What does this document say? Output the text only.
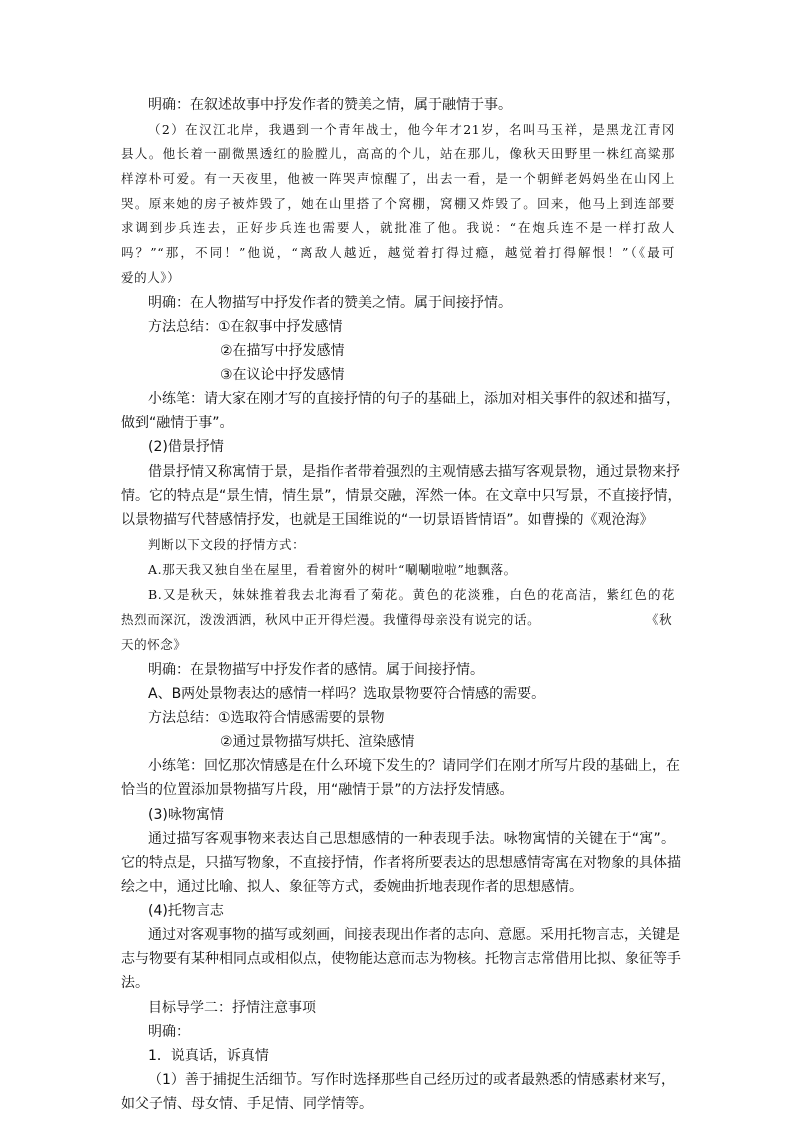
明确：在叙述故事中抒发作者的赞美之情，属于融情于事。
（2）在汉江北岸，我遇到一个青年战士，他今年才21岁，名叫马玉祥，是黑龙江青冈
县人。他长着一副微黑透红的脸膛儿，高高的个儿，站在那儿，像秋天田野里一株红高粱那
样淳朴可爱。有一天夜里，他被一阵哭声惊醒了，出去一看，是一个朝鲜老妈妈坐在山冈上
哭。原来她的房子被炸毁了，她在山里搭了个窝棚，窝棚又炸毁了。回来，他马上到连部要
求调到步兵连去，正好步兵连也需要人，就批准了他。我说：“在炮兵连不是一样打敌人
吗？”“那，不同！”他说，“离敌人越近，越觉着打得过瘾，越觉着打得解恨！”（《最可
爱的人》）
明确：在人物描写中抒发作者的赞美之情。属于间接抒情。
方法总结：①在叙事中抒发感情
②在描写中抒发感情
③在议论中抒发感情
小练笔：请大家在刚才写的直接抒情的句子的基础上，添加对相关事件的叙述和描写，
做到“融情于事”。
(2)借景抒情
借景抒情又称寓情于景，是指作者带着强烈的主观情感去描写客观景物，通过景物来抒
情。它的特点是“景生情，情生景”，情景交融，浑然一体。在文章中只写景，不直接抒情，
以景物描写代替感情抒发，也就是王国维说的“一切景语皆情语”。如曹操的《观沧海》
判断以下文段的抒情方式：
A.那天我又独自坐在屋里，看着窗外的树叶“唰唰啦啦”地飘落。
B.又是秋天，妹妹推着我去北海看了菊花。黄色的花淡雅，白色的花高洁，紫红色的花
热烈而深沉，泼泼洒洒，秋风中正开得烂漫。我懂得母亲没有说完的话。	《秋
天的怀念》
明确：在景物描写中抒发作者的感情。属于间接抒情。
A、B两处景物表达的感情一样吗？选取景物要符合情感的需要。
方法总结：①选取符合情感需要的景物
②通过景物描写烘托、渲染感情
小练笔：回忆那次情感是在什么环境下发生的？请同学们在刚才所写片段的基础上，在
恰当的位置添加景物描写片段，用“融情于景”的方法抒发情感。
(3)咏物寓情
通过描写客观事物来表达自己思想感情的一种表现手法。咏物寓情的关键在于“寓”。
它的特点是，只描写物象，不直接抒情，作者将所要表达的思想感情寄寓在对物象的具体描
绘之中，通过比喻、拟人、象征等方式，委婉曲折地表现作者的思想感情。
(4)托物言志
通过对客观事物的描写或刻画，间接表现出作者的志向、意愿。采用托物言志，关键是
志与物要有某种相同点或相似点，使物能达意而志为物核。托物言志常借用比拟、象征等手
法。
目标导学二：抒情注意事项
明确：
1．说真话，诉真情
（1）善于捕捉生活细节。写作时选择那些自己经历过的或者最熟悉的情感素材来写，
如父子情、母女情、手足情、同学情等。
